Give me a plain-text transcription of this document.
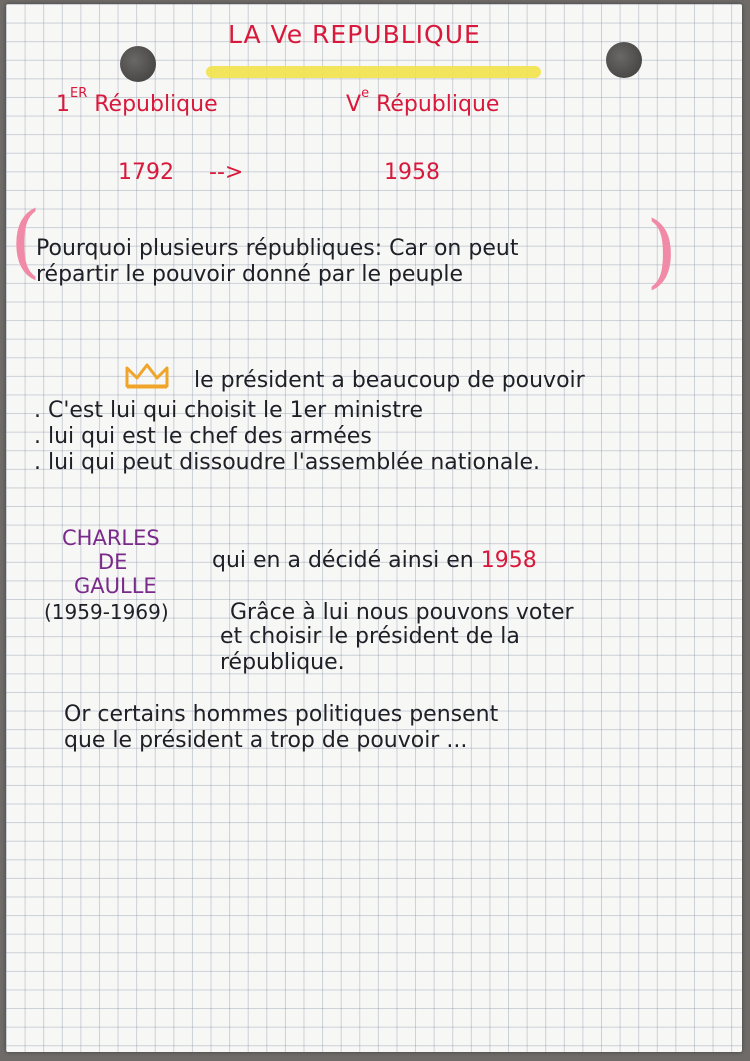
LA Ve REPUBLIQUE
1ER République
1792 -->
$V^e$ République
1958
(	)
Pourquoi plusieurs républiques: Car on peut
répartir le pouvoir donné par le peuple
le président a beaucoup de pouvoir
. C'est lui qui choisit le 1er ministre
. lui qui est le chef des armées
. lui qui peut dissoudre l'assemblée nationale.
CHARLES
DE
GAULLE
(1959-1969)
qui en a décidé ainsi en 1958
Grâce à lui nous pouvons voter
et choisir le président de la
république.
Or certains hommes politiques pensent
que le président a trop de pouvoir ...
